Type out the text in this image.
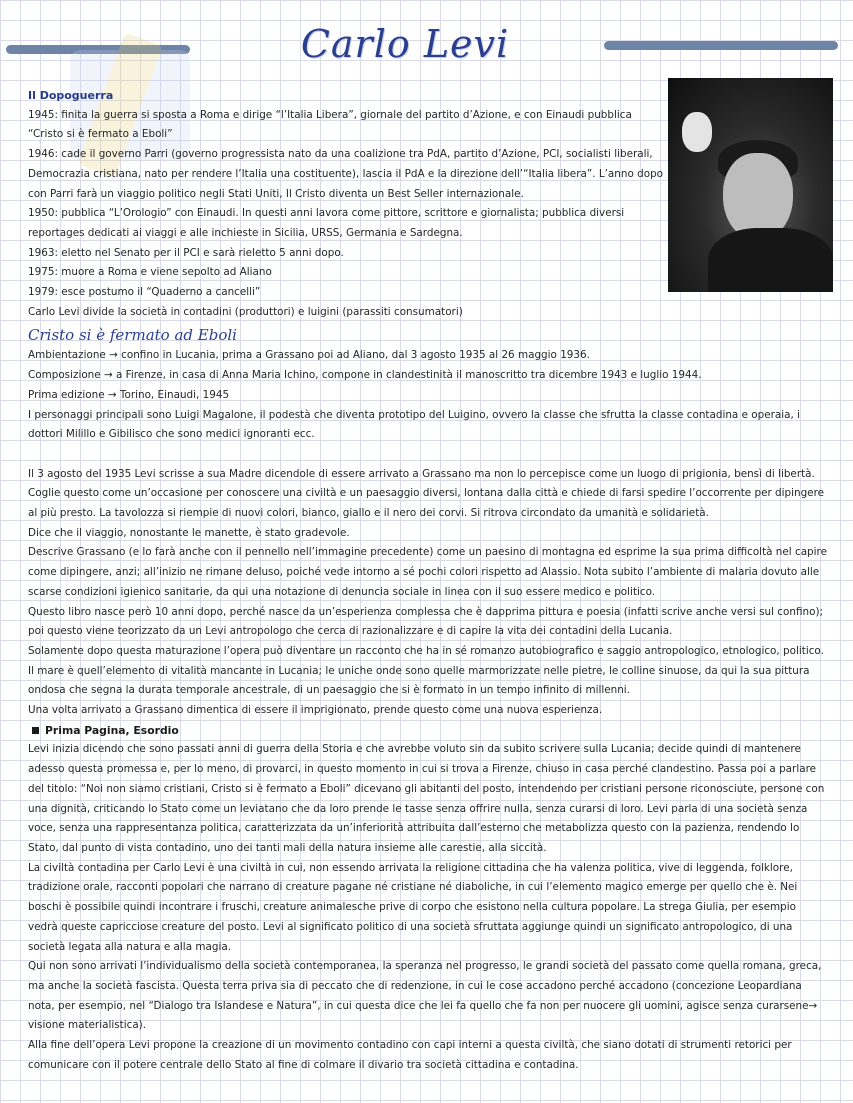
Carlo Levi

Il Dopoguerra

1945: finita la guerra si sposta a Roma e dirige “l’Italia Libera”, giornale del partito d’Azione, e con Einaudi pubblica “Cristo si è fermato a Eboli”

1946: cade il governo Parri (governo progressista nato da una coalizione tra PdA, partito d’Azione, PCI, socialisti liberali, Democrazia cristiana, nato per rendere l’Italia una costituente), lascia il PdA e la direzione dell’“Italia libera”. L’anno dopo con Parri farà un viaggio politico negli Stati Uniti, Il Cristo diventa un Best Seller internazionale.

1950: pubblica “L’Orologio” con Einaudi. In questi anni lavora come pittore, scrittore e giornalista; pubblica diversi reportages dedicati ai viaggi e alle inchieste in Sicilia, URSS, Germania e Sardegna.

1963: eletto nel Senato per il PCI e sarà rieletto 5 anni dopo.

1975: muore a Roma e viene sepolto ad Aliano

1979: esce postumo il “Quaderno a cancelli”

Carlo Levi divide la società in contadini (produttori) e luigini (parassiti consumatori)

Cristo si è fermato ad Eboli

Ambientazione → confino in Lucania, prima a Grassano poi ad Aliano, dal 3 agosto 1935 al 26 maggio 1936.

Composizione → a Firenze, in casa di Anna Maria Ichino, compone in clandestinità il manoscritto tra dicembre 1943 e luglio 1944.

Prima edizione → Torino, Einaudi, 1945

I personaggi principali sono Luigi Magalone, il podestà che diventa prototipo del Luigino, ovvero la classe che sfrutta la classe contadina e operaia, i dottori Milillo e Gibilisco che sono medici ignoranti ecc.

Il 3 agosto del 1935 Levi scrisse a sua Madre dicendole di essere arrivato a Grassano ma non lo percepisce come un luogo di prigionia, bensì di libertà. Coglie questo come un’occasione per conoscere una civiltà e un paesaggio diversi, lontana dalla città e chiede di farsi spedire l’occorrente per dipingere al più presto. La tavolozza si riempie di nuovi colori, bianco, giallo e il nero dei corvi. Si ritrova circondato da umanità e solidarietà.

Dice che il viaggio, nonostante le manette, è stato gradevole.

Descrive Grassano (e lo farà anche con il pennello nell’immagine precedente) come un paesino di montagna ed esprime la sua prima difficoltà nel capire come dipingere, anzi; all’inizio ne rimane deluso, poiché vede intorno a sé pochi colori rispetto ad Alassio. Nota subito l’ambiente di malaria dovuto alle scarse condizioni igienico sanitarie, da qui una notazione di denuncia sociale in linea con il suo essere medico e politico.

Questo libro nasce però 10 anni dopo, perché nasce da un’esperienza complessa che è dapprima pittura e poesia (infatti scrive anche versi sul confino); poi questo viene teorizzato da un Levi antropologo che cerca di razionalizzare e di capire la vita dei contadini della Lucania.

Solamente dopo questa maturazione l’opera può diventare un racconto che ha in sé romanzo autobiografico e saggio antropologico, etnologico, politico.

Il mare è quell’elemento di vitalità mancante in Lucania; le uniche onde sono quelle marmorizzate nelle pietre, le colline sinuose, da qui la sua pittura ondosa che segna la durata temporale ancestrale, di un paesaggio che si è formato in un tempo infinito di millenni.

Una volta arrivato a Grassano dimentica di essere il imprigionato, prende questo come una nuova esperienza.

Prima Pagina, Esordio

Levi inizia dicendo che sono passati anni di guerra della Storia e che avrebbe voluto sin da subito scrivere sulla Lucania; decide quindi di mantenere adesso questa promessa e, per lo meno, di provarci, in questo momento in cui si trova a Firenze, chiuso in casa perché clandestino. Passa poi a parlare del titolo: “Noi non siamo cristiani, Cristo si è fermato a Eboli” dicevano gli abitanti del posto, intendendo per cristiani persone riconosciute, persone con una dignità, criticando lo Stato come un leviatano che da loro prende le tasse senza offrire nulla, senza curarsi di loro. Levi parla di una società senza voce, senza una rappresentanza politica, caratterizzata da un’inferiorità attribuita dall’esterno che metabolizza questo con la pazienza, rendendo lo Stato, dal punto di vista contadino, uno dei tanti mali della natura insieme alle carestie, alla siccità.

La civiltà contadina per Carlo Levi è una civiltà in cui, non essendo arrivata la religione cittadina che ha valenza politica, vive di leggenda, folklore, tradizione orale, racconti popolari che narrano di creature pagane né cristiane né diaboliche, in cui l’elemento magico emerge per quello che è. Nei boschi è possibile quindi incontrare i fruschi, creature animalesche prive di corpo che esistono nella cultura popolare. La strega Giulia, per esempio vedrà queste capricciose creature del posto. Levi al significato politico di una società sfruttata aggiunge quindi un significato antropologico, di una società legata alla natura e alla magia.

Qui non sono arrivati l’individualismo della società contemporanea, la speranza nel progresso, le grandi società del passato come quella romana, greca, ma anche la società fascista. Questa terra priva sia di peccato che di redenzione, in cui le cose accadono perché accadono (concezione Leopardiana nota, per esempio, nel “Dialogo tra Islandese e Natura”, in cui questa dice che lei fa quello che fa non per nuocere gli uomini, agisce senza curarsene→ visione materialistica).

Alla fine dell’opera Levi propone la creazione di un movimento contadino con capi interni a questa civiltà, che siano dotati di strumenti retorici per comunicare con il potere centrale dello Stato al fine di colmare il divario tra società cittadina e contadina.
